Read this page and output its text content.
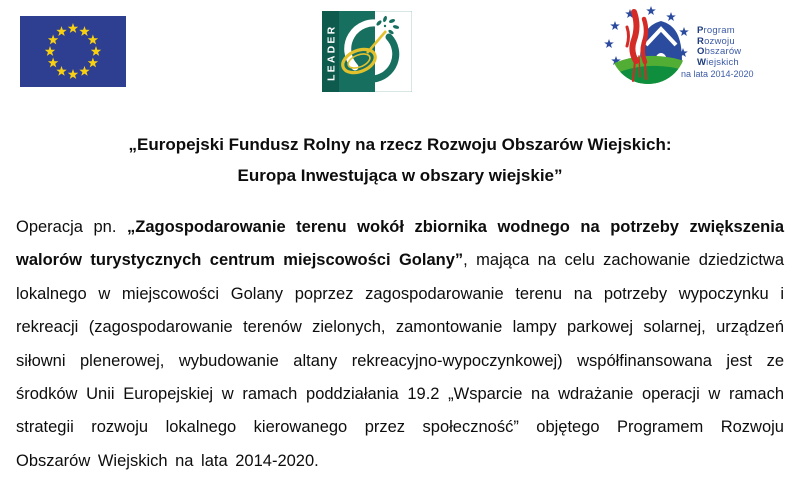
LEADER	Program
Rozwoju
Obszarów
Wiejskich
na lata 2014-2020
„Europejski Fundusz Rolny na rzecz Rozwoju Obszarów Wiejskich:
Europa Inwestująca w obszary wiejskie”
Operacja pn. „Zagospodarowanie terenu wokół zbiornika wodnego na potrzeby zwiększenia walorów turystycznych centrum miejscowości Golany”, mająca na celu zachowanie dziedzictwa lokalnego w miejscowości Golany poprzez zagospodarowanie terenu na potrzeby wypoczynku i rekreacji (zagospodarowanie terenów zielonych, zamontowanie lampy parkowej solarnej, urządzeń siłowni plenerowej, wybudowanie altany rekreacyjno-wypoczynkowej) współfinansowana jest ze środków Unii Europejskiej w ramach poddziałania 19.2 „Wsparcie na wdrażanie operacji w ramach strategii rozwoju lokalnego kierowanego przez społeczność” objętego Programem Rozwoju Obszarów Wiejskich na lata 2014-2020.
